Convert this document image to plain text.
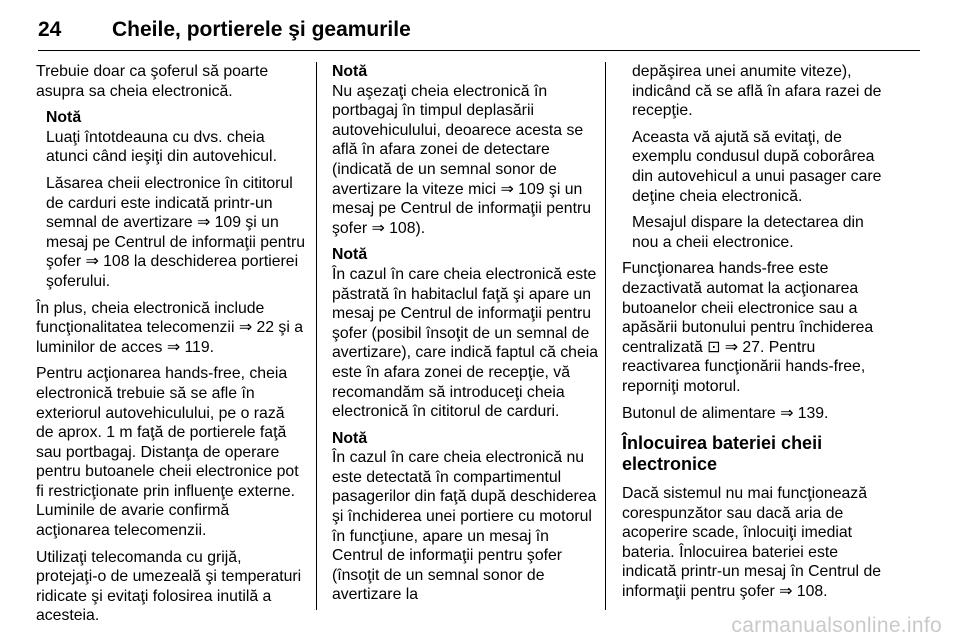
24 Cheile, portierele şi geamurile

Trebuie doar ca şoferul să poarte asupra sa cheia electronică.

Notă

Luaţi întotdeauna cu dvs. cheia atunci când ieşiţi din autovehicul.

Lăsarea cheii electronice în cititorul de carduri este indicată printr-un semnal de avertizare ⇒ 109 şi un mesaj pe Centrul de informaţii pentru şofer ⇒ 108 la deschiderea portierei şoferului.

În plus, cheia electronică include funcţionalitatea telecomenzii ⇒ 22 şi a luminilor de acces ⇒ 119.

Pentru acţionarea hands-free, cheia electronică trebuie să se afle în exteriorul autovehiculului, pe o rază de aprox. 1 m faţă de portierele faţă sau portbagaj. Distanţa de operare pentru butoanele cheii electronice pot fi restricţionate prin influenţe externe. Luminile de avarie confirmă acţionarea telecomenzii.

Utilizaţi telecomanda cu grijă, protejaţi-o de umezeală şi temperaturi ridicate şi evitaţi folosirea inutilă a acesteia.

Notă

Nu aşezaţi cheia electronică în portbagaj în timpul deplasării autovehiculului, deoarece acesta se află în afara zonei de detectare (indicată de un semnal sonor de avertizare la viteze mici ⇒ 109 şi un mesaj pe Centrul de informaţii pentru şofer ⇒ 108).

Notă

În cazul în care cheia electronică este păstrată în habitaclul faţă şi apare un mesaj pe Centrul de informaţii pentru şofer (posibil însoţit de un semnal de avertizare), care indică faptul că cheia este în afara zonei de recepţie, vă recomandăm să introduceţi cheia electronică în cititorul de carduri.

Notă

În cazul în care cheia electronică nu este detectată în compartimentul pasagerilor din faţă după deschiderea şi închiderea unei portiere cu motorul în funcţiune, apare un mesaj în Centrul de informaţii pentru şofer (însoţit de un semnal sonor de avertizare la

depăşirea unei anumite viteze), indicând că se află în afara razei de recepţie.

Aceasta vă ajută să evitaţi, de exemplu condusul după coborârea din autovehicul a unui pasager care deţine cheia electronică.

Mesajul dispare la detectarea din nou a cheii electronice.

Funcţionarea hands-free este dezactivată automat la acţionarea butoanelor cheii electronice sau a apăsării butonului pentru închiderea centralizată ⊡ ⇒ 27. Pentru reactivarea funcţionării hands-free, reporniţi motorul.

Butonul de alimentare ⇒ 139.

Înlocuirea bateriei cheii electronice

Dacă sistemul nu mai funcţionează corespunzător sau dacă aria de acoperire scade, înlocuiţi imediat bateria. Înlocuirea bateriei este indicată printr-un mesaj în Centrul de informaţii pentru şofer ⇒ 108.

carmanualsonline.info
